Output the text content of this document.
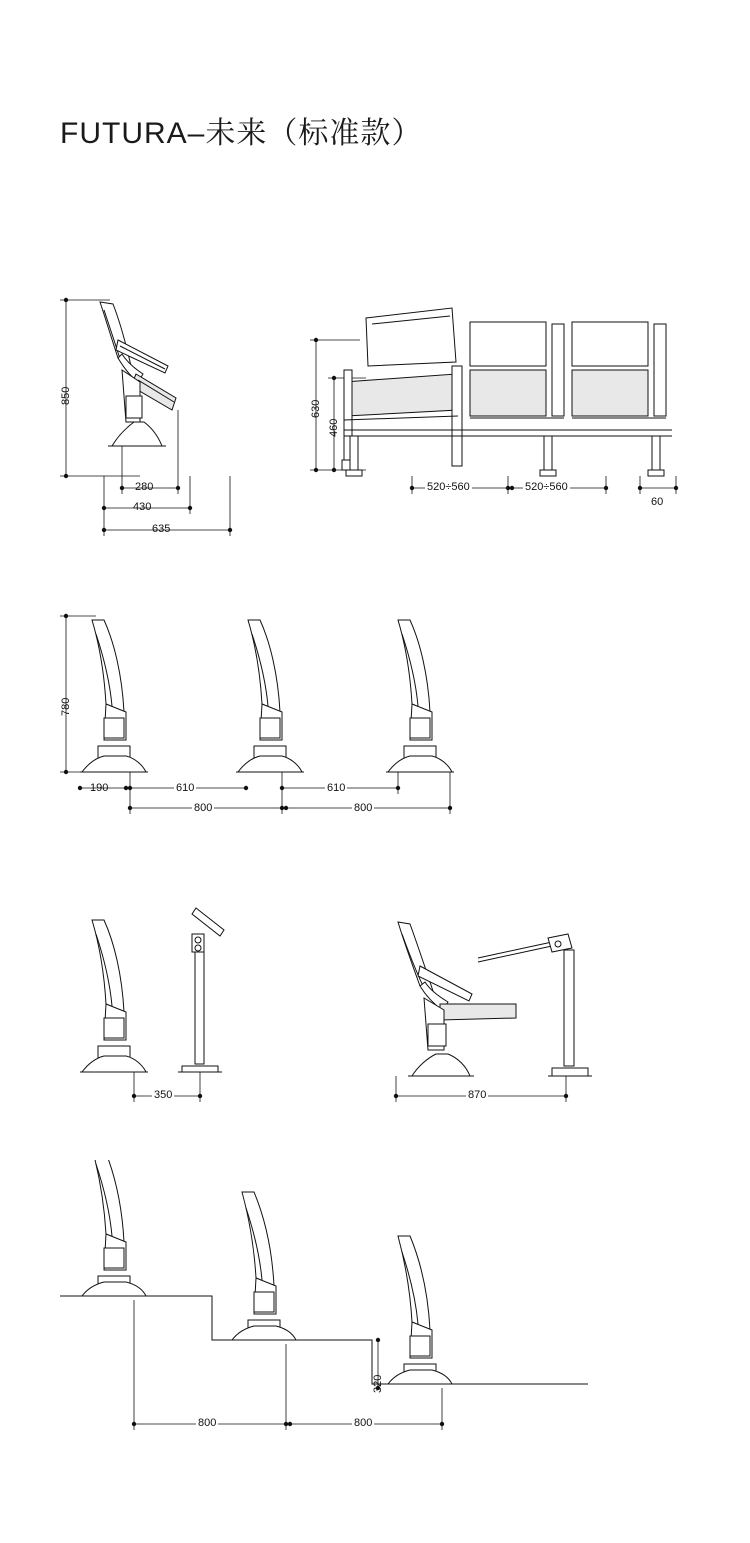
FUTURA–未来（标准款）
850
280
430
635
630
460
520÷560	520÷560
60
780
190	610	610
800	800
350	870
320
800	800
